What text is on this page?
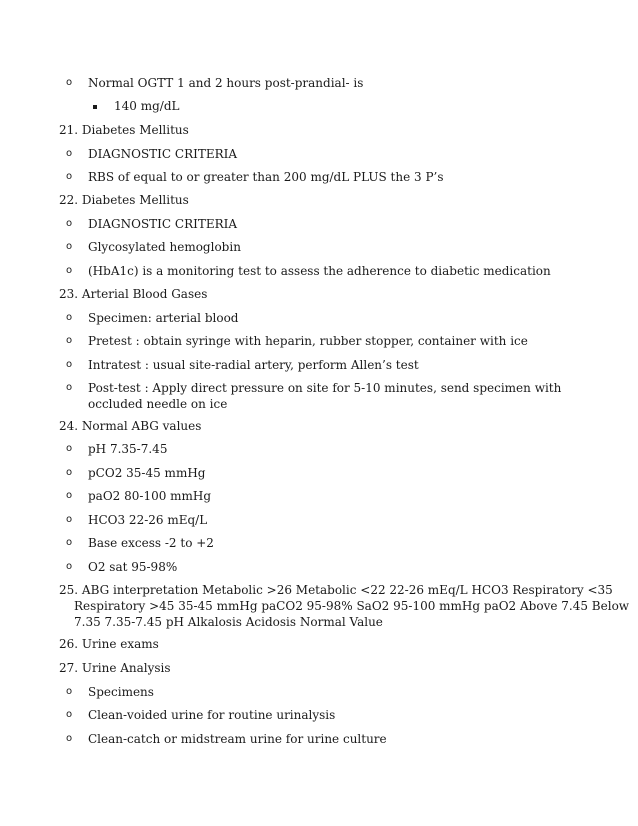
o Normal OGTT 1 and 2 hours post-prandial- is
140 mg/dL
21. Diabetes Mellitus
o DIAGNOSTIC CRITERIA
o RBS of equal to or greater than 200 mg/dL PLUS the 3 P’s
22. Diabetes Mellitus
o DIAGNOSTIC CRITERIA
o Glycosylated hemoglobin
o (HbA1c) is a monitoring test to assess the adherence to diabetic medication
23. Arterial Blood Gases
o Specimen: arterial blood
o Pretest : obtain syringe with heparin, rubber stopper, container with ice
o Intratest : usual site-radial artery, perform Allen’s test
o Post-test : Apply direct pressure on site for 5-10 minutes, send specimen with
occluded needle on ice
24. Normal ABG values
o pH 7.35-7.45
o pCO2 35-45 mmHg
o paO2 80-100 mmHg
o HCO3 22-26 mEq/L
o Base excess -2 to +2
o O2 sat 95-98%
25. ABG interpretation Metabolic >26 Metabolic <22 22-26 mEq/L HCO3 Respiratory <35
Respiratory >45 35-45 mmHg paCO2 95-98% SaO2 95-100 mmHg paO2 Above 7.45 Below
7.35 7.35-7.45 pH Alkalosis Acidosis Normal Value
26. Urine exams
27. Urine Analysis
o Specimens
o Clean-voided urine for routine urinalysis
o Clean-catch or midstream urine for urine culture
